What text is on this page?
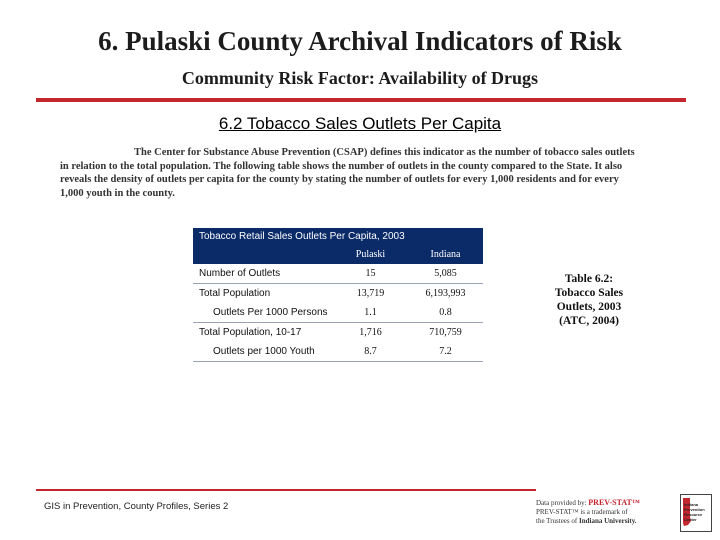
6. Pulaski County Archival Indicators of Risk
Community Risk Factor: Availability of Drugs
6.2 Tobacco Sales Outlets Per Capita
The Center for Substance Abuse Prevention (CSAP) defines this indicator as the number of tobacco sales outlets in relation to the total population. The following table shows the number of outlets in the county compared to the State. It also reveals the density of outlets per capita for the county by stating the number of outlets for every 1,000 residents and for every 1,000 youth in the county.
Tobacco Retail Sales Outlets Per Capita, 2003		
	Pulaski	Indiana
Number of Outlets	15	5,085
Total Population	13,719	6,193,993
Outlets Per 1000 Persons	1.1	0.8
Total Population, 10-17	1,716	710,759
Outlets per 1000 Youth	8.7	7.2
Table 6.2:
Tobacco Sales
Outlets, 2003
(ATC, 2004)
GIS in Prevention, County Profiles, Series 2	Data provided by: PREV-STAT™
PREV-STAT™ is a trademark of
the Trustees of Indiana University.
Indiana
Prevention
Resource
Center
